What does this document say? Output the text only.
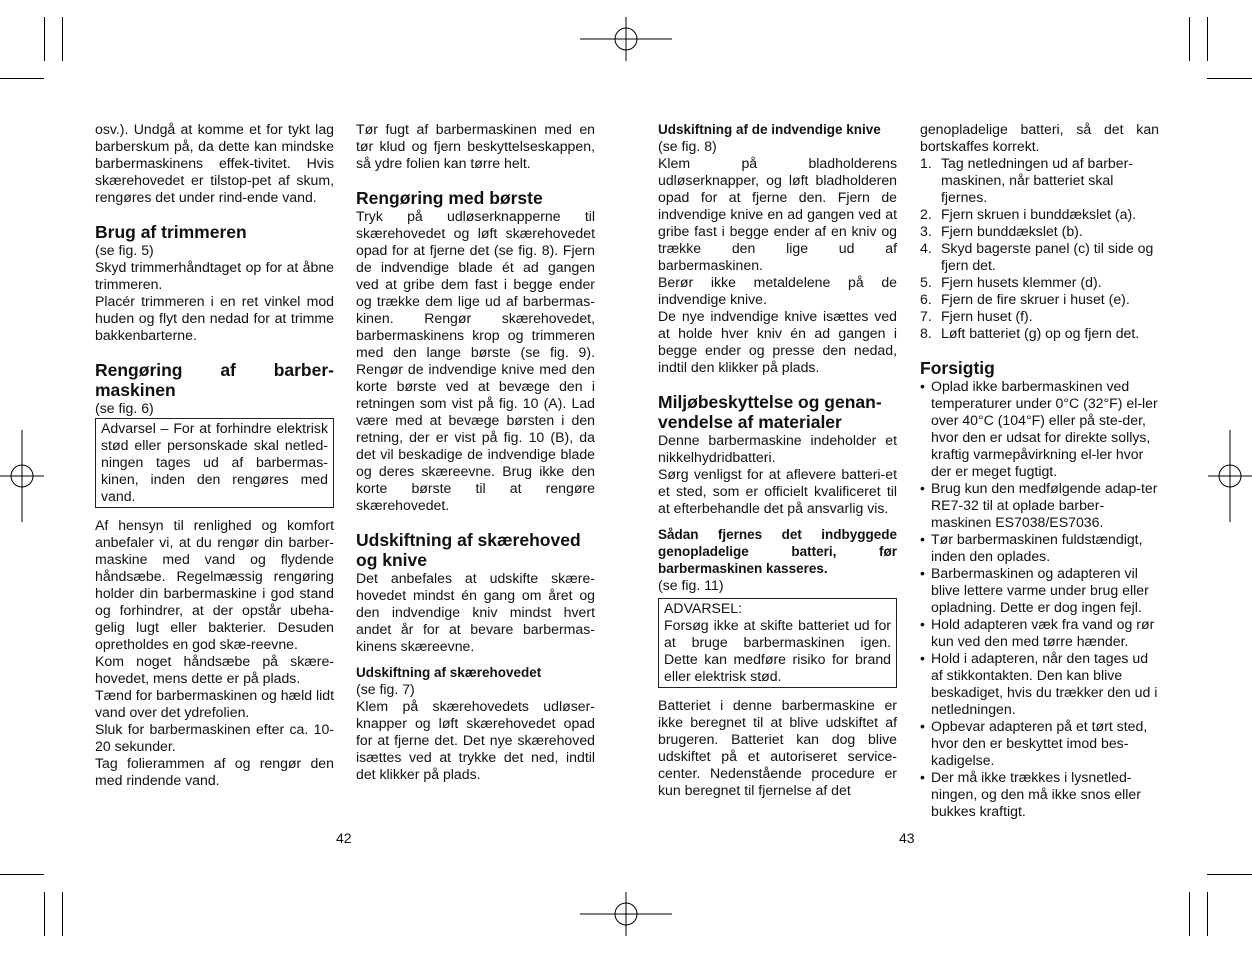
osv.). Undgå at komme et for tykt lag barberskum på, da dette kan mindske barbermaskinens effek-tivitet. Hvis skærehovedet er tilstop-pet af skum, rengøres det under rind-ende vand.

Brug af trimmeren

(se fig. 5)

Skyd trimmerhåndtaget op for at åbne trimmeren.

Placér trimmeren i en ret vinkel mod huden og flyt den nedad for at trimme bakkenbarterne.

Rengøring af barber-maskinen

(se fig. 6)

Advarsel – For at forhindre elektrisk stød eller personskade skal netled-ningen tages ud af barbermas-kinen, inden den rengøres med vand.

Af hensyn til renlighed og komfort anbefaler vi, at du rengør din barber-maskine med vand og flydende håndsæbe. Regelmæssig rengøring holder din barbermaskine i god stand og forhindrer, at der opstår ubeha-gelig lugt eller bakterier. Desuden opretholdes en god skæ-reevne.

Kom noget håndsæbe på skære-hovedet, mens dette er på plads.

Tænd for barbermaskinen og hæld lidt vand over det ydrefolien.

Sluk for barbermaskinen efter ca. 10-20 sekunder.

Tag folierammen af og rengør den med rindende vand.

Tør fugt af barbermaskinen med en tør klud og fjern beskyttelseskappen, så ydre folien kan tørre helt.

Rengøring med børste

Tryk på udløserknapperne til skærehovedet og løft skærehovedet opad for at fjerne det (se fig. 8). Fjern de indvendige blade ét ad gangen ved at gribe dem fast i begge ender og trække dem lige ud af barbermas-kinen. Rengør skærehovedet, barbermaskinens krop og trimmeren med den lange børste (se fig. 9). Rengør de indvendige knive med den korte børste ved at bevæge den i retningen som vist på fig. 10 (A). Lad være med at bevæge børsten i den retning, der er vist på fig. 10 (B), da det vil beskadige de indvendige blade og deres skæreevne. Brug ikke den korte børste til at rengøre skærehovedet.

Udskiftning af skærehoved og knive

Det anbefales at udskifte skære-hovedet mindst én gang om året og den indvendige kniv mindst hvert andet år for at bevare barbermas-kinens skæreevne.

Udskiftning af skærehovedet

(se fig. 7)

Klem på skærehovedets udløser-knapper og løft skærehovedet opad for at fjerne det. Det nye skærehoved isættes ved at trykke det ned, indtil det klikker på plads.

Udskiftning af de indvendige knive

(se fig. 8)

Klem på bladholderens udløserknapper, og løft bladholderen opad for at fjerne den. Fjern de indvendige knive en ad gangen ved at gribe fast i begge ender af en kniv og trække den lige ud af barbermaskinen.

Berør ikke metaldelene på de indvendige knive.

De nye indvendige knive isættes ved at holde hver kniv én ad gangen i begge ender og presse den nedad, indtil den klikker på plads.

Miljøbeskyttelse og genan-vendelse af materialer

Denne barbermaskine indeholder et nikkelhydridbatteri.

Sørg venligst for at aflevere batteri-et et sted, som er officielt kvalificeret til at efterbehandle det på ansvarlig vis.

Sådan fjernes det indbyggede genopladelige batteri, før barbermaskinen kasseres.

(se fig. 11)

ADVARSEL:

Forsøg ikke at skifte batteriet ud for at bruge barbermaskinen igen. Dette kan medføre risiko for brand eller elektrisk stød.

Batteriet i denne barbermaskine er ikke beregnet til at blive udskiftet af brugeren. Batteriet kan dog blive udskiftet på et autoriseret service-center. Nedenstående procedure er kun beregnet til fjernelse af det

genopladelige batteri, så det kan bortskaffes korrekt.

1. Tag netledningen ud af barber-maskinen, når batteriet skal fjernes.
2. Fjern skruen i bunddækslet (a).
3. Fjern bunddækslet (b).
4. Skyd bagerste panel (c) til side og fjern det.
5. Fjern husets klemmer (d).
6. Fjern de fire skruer i huset (e).
7. Fjern huset (f).
8. Løft batteriet (g) op og fjern det.
Forsigtig
• Oplad ikke barbermaskinen ved temperaturer under 0°C (32°F) el-ler over 40°C (104°F) eller på ste-der, hvor den er udsat for direkte sollys, kraftig varmepåvirkning el-ler hvor der er meget fugtigt.
• Brug kun den medfølgende adap-ter RE7-32 til at oplade barber-maskinen ES7038/ES7036.
• Tør barbermaskinen fuldstændigt, inden den oplades.
• Barbermaskinen og adapteren vil blive lettere varme under brug eller opladning. Dette er dog ingen fejl.
• Hold adapteren væk fra vand og rør kun ved den med tørre hænder.
• Hold i adapteren, når den tages ud af stikkontakten. Den kan blive beskadiget, hvis du trækker den ud i netledningen.
• Opbevar adapteren på et tørt sted, hvor den er beskyttet imod bes-kadigelse.
• Der må ikke trækkes i lysnetled-ningen, og den må ikke snos eller bukkes kraftigt.
42	43
